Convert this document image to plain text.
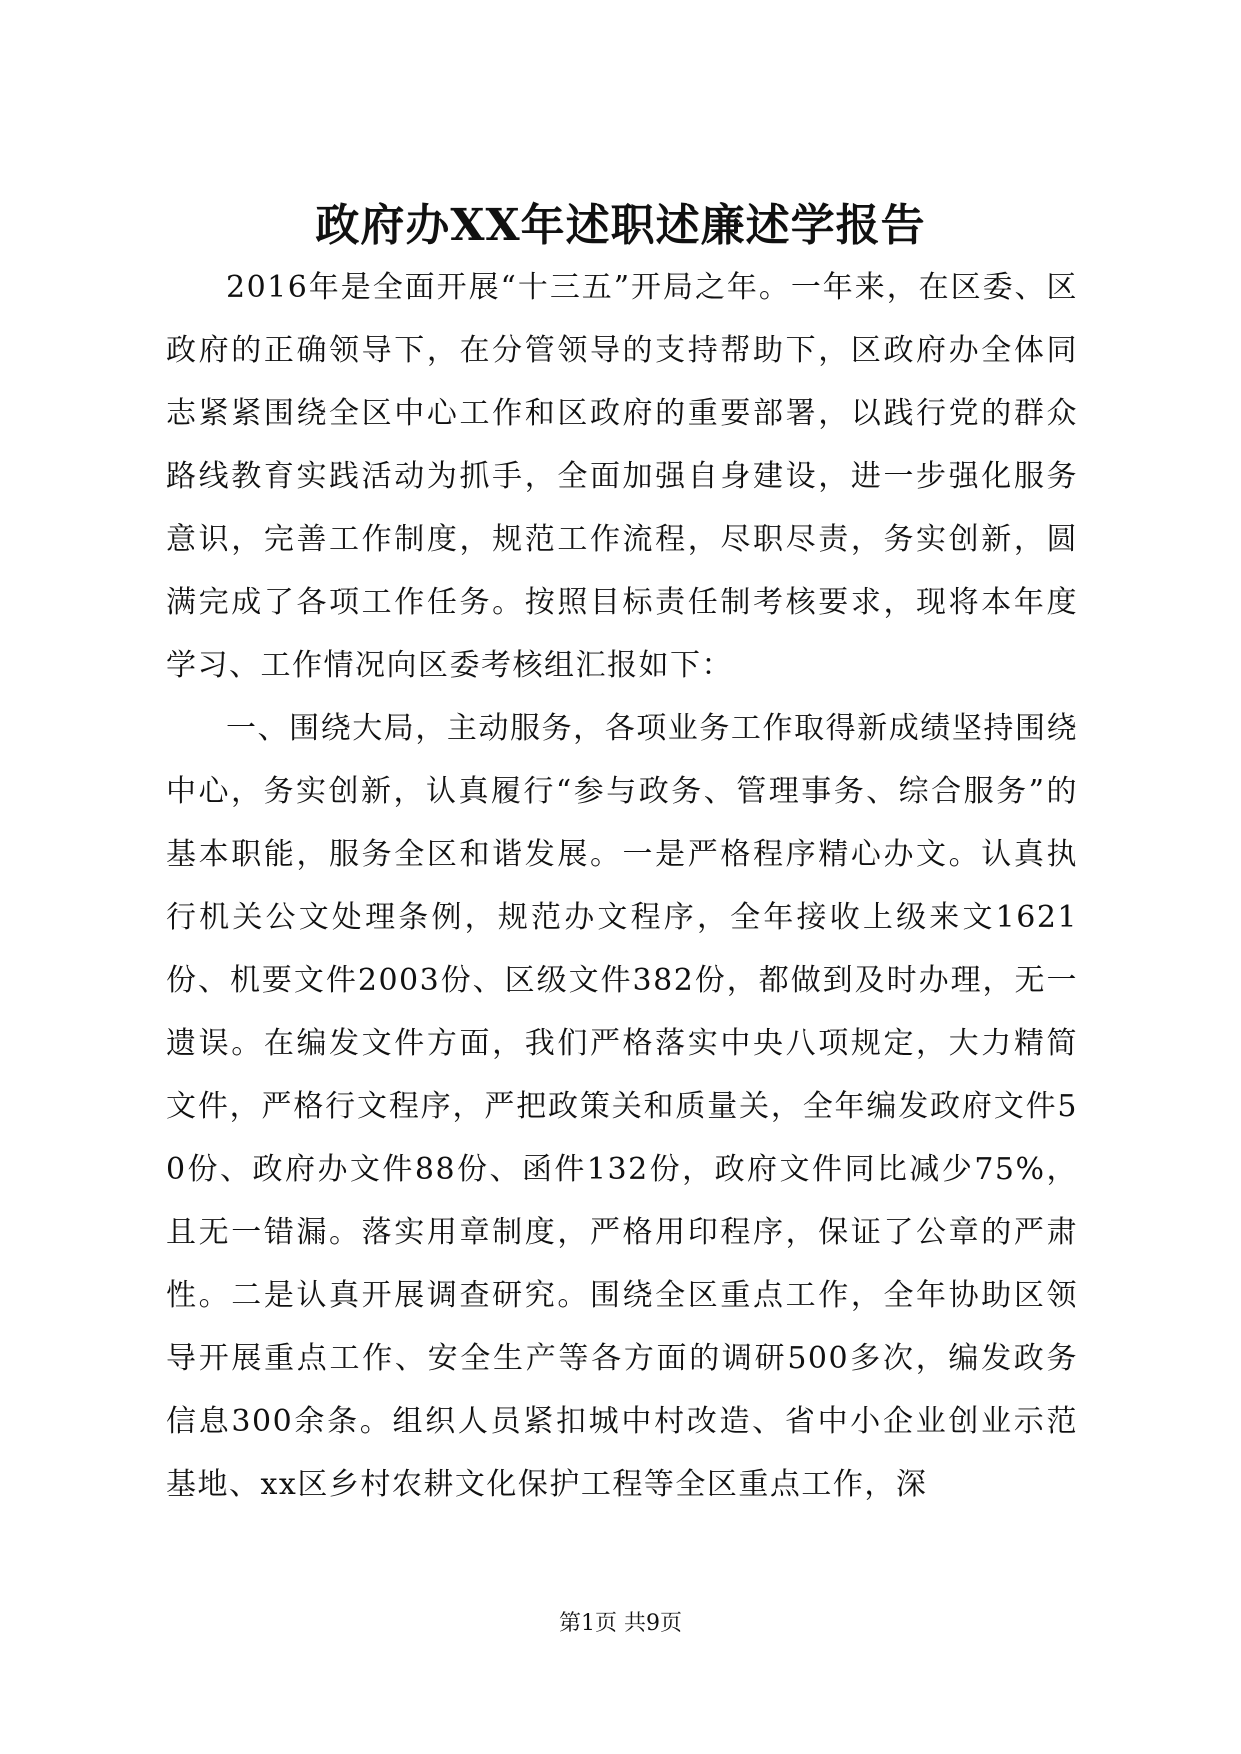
政府办XX年述职述廉述学报告

2016年是全面开展“十三五”开局之年。一年来，在区委、区政府的正确领导下，在分管领导的支持帮助下，区政府办全体同志紧紧围绕全区中心工作和区政府的重要部署，以践行党的群众路线教育实践活动为抓手，全面加强自身建设，进一步强化服务意识，完善工作制度，规范工作流程，尽职尽责，务实创新，圆满完成了各项工作任务。按照目标责任制考核要求，现将本年度学习、工作情况向区委考核组汇报如下：

一、围绕大局，主动服务，各项业务工作取得新成绩坚持围绕中心，务实创新，认真履行“参与政务、管理事务、综合服务”的基本职能，服务全区和谐发展。一是严格程序精心办文。认真执行机关公文处理条例，规范办文程序，全年接收上级来文1621份、机要文件2003份、区级文件382份，都做到及时办理，无一遗误。在编发文件方面，我们严格落实中央八项规定，大力精简文件，严格行文程序，严把政策关和质量关，全年编发政府文件50份、政府办文件88份、函件132份，政府文件同比减少75%，且无一错漏。落实用章制度，严格用印程序，保证了公章的严肃性。二是认真开展调查研究。围绕全区重点工作，全年协助区领导开展重点工作、安全生产等各方面的调研500多次，编发政务信息300余条。组织人员紧扣城中村改造、省中小企业创业示范基地、xx区乡村农耕文化保护工程等全区重点工作，深

第1页 共9页
